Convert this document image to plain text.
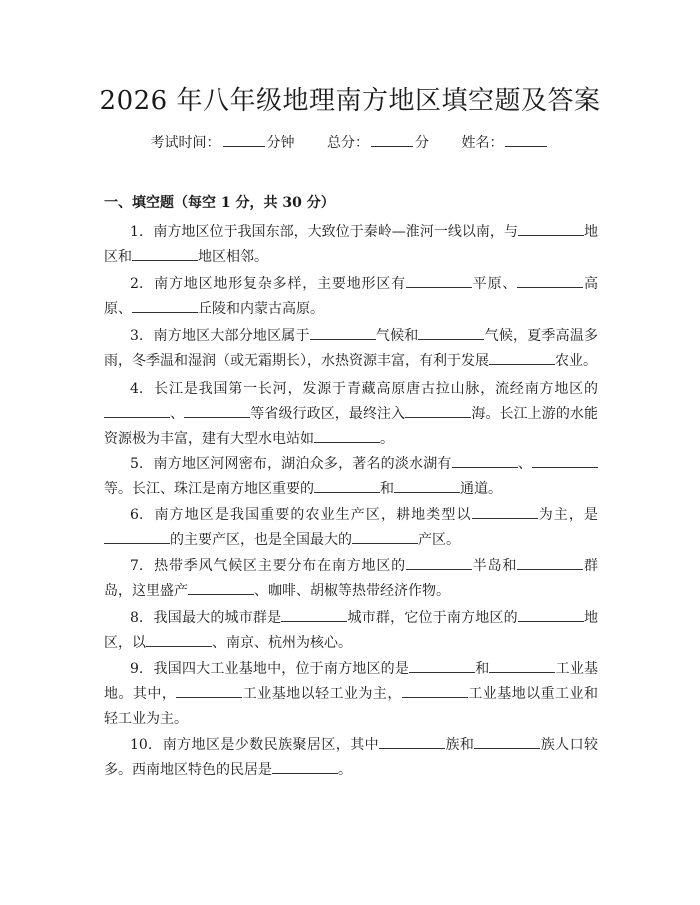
2026 年八年级地理南方地区填空题及答案
考试时间：	分钟 总分：	分 姓名：
一、填空题（每空 1 分，共 30 分）
1. 南方地区位于我国东部，大致位于秦岭—淮河一线以南，与	地区和	地区相邻。
2. 南方地区地形复杂多样，主要地形区有	平原、	高原、	丘陵和内蒙古高原。
3. 南方地区大部分地区属于	气候和	气候，夏季高温多雨，冬季温和湿润（或无霜期长），水热资源丰富，有利于发展	农业。
4. 长江是我国第一长河，发源于青藏高原唐古拉山脉，流经南方地区的、	等省级行政区，最终注入	海。长江上游的水能资源极为丰富，建有大型水电站如	。
5. 南方地区河网密布，湖泊众多，著名的淡水湖有	、等。长江、珠江是南方地区重要的	和	通道。
6. 南方地区是我国重要的农业生产区，耕地类型以	为主，是的主要产区，也是全国最大的	产区。
7. 热带季风气候区主要分布在南方地区的	半岛和	群岛，这里盛产	、咖啡、胡椒等热带经济作物。
8. 我国最大的城市群是	城市群，它位于南方地区的	地区，以	、南京、杭州为核心。
9. 我国四大工业基地中，位于南方地区的是	和	工业基地。其中，	工业基地以轻工业为主，	工业基地以重工业和轻工业为主。
10. 南方地区是少数民族聚居区，其中	族和	族人口较多。西南地区特色的民居是	。
